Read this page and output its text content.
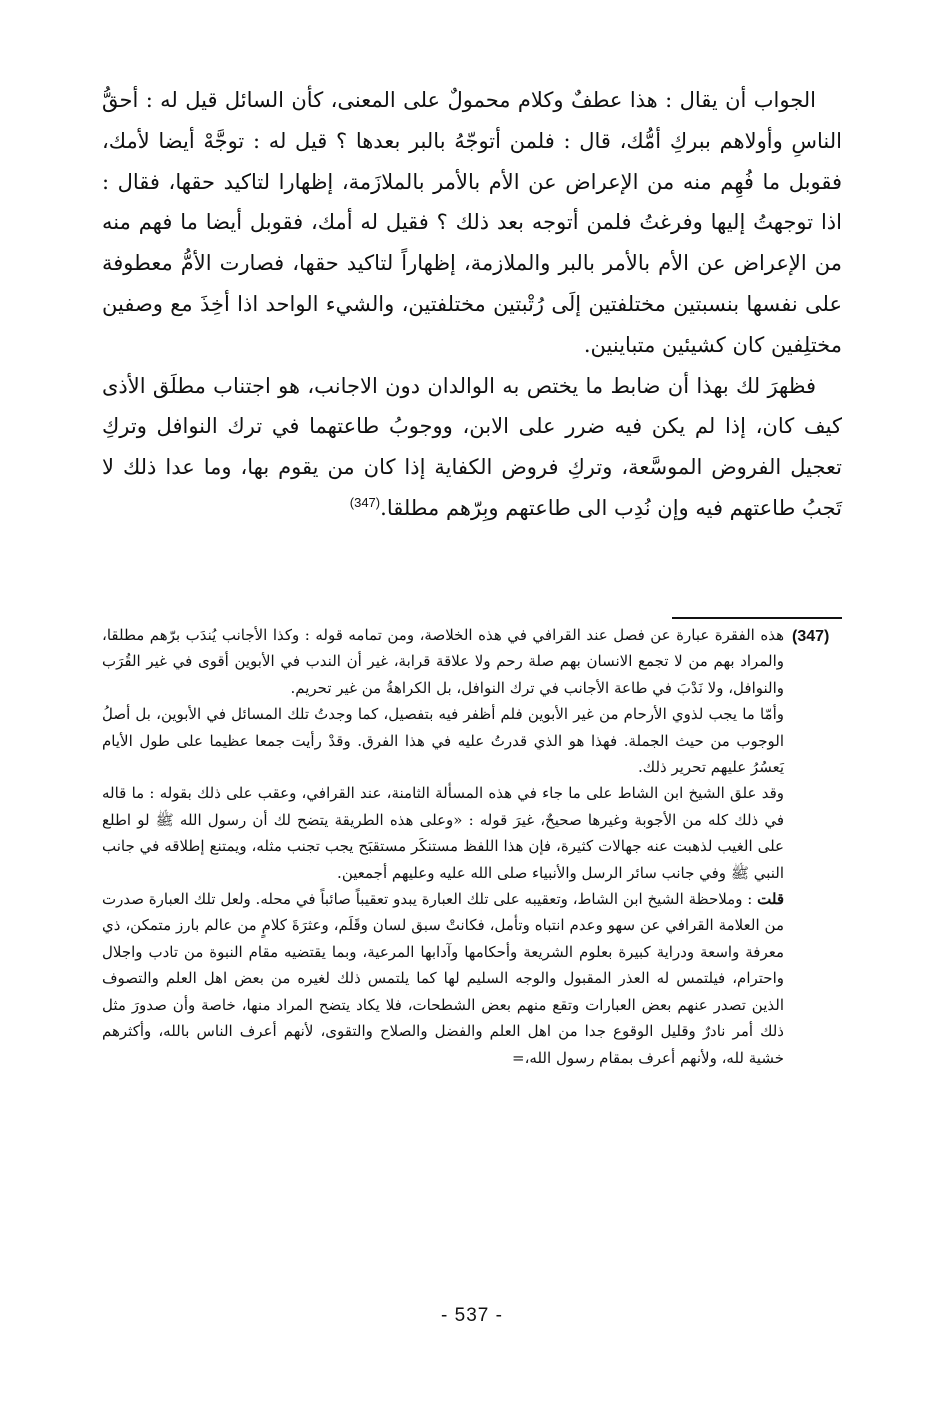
الجواب أن يقال : هذا عطفٌ وكلام محمولٌ على المعنى، كأن السائل قيل له : أحقُّ الناسِ وأولاهم ببركِ أمُّك، قال : فلمن أتوجّهُ بالبر بعدها ؟ قيل له : توجَّهْ أيضا لأمك، فقوبل ما فُهِم منه من الإعراض عن الأم بالأمر بالملازَمة، إظهارا لتاكيد حقها، فقال : اذا توجهتُ إليها وفرغتُ فلمن أتوجه بعد ذلك ؟ فقيل له أمك، فقوبل أيضا ما فهم منه من الإعراض عن الأم بالأمر بالبر والملازمة، إظهاراً لتاكيد حقها، فصارت الأمُّ معطوفة على نفسها بنسبتين مختلفتين إلَى رُتْبتين مختلفتين، والشيء الواحد اذا أخِذَ مع وصفين مختلِفين كان كشيئين متباينين.

فظهرَ لك بهذا أن ضابط ما يختص به الوالدان دون الاجانب، هو اجتناب مطلَق الأذى كيف كان، إذا لم يكن فيه ضرر على الابن، ووجوبُ طاعتهما في ترك النوافل وتركِ تعجيل الفروض الموسَّعة، وتركِ فروض الكفاية إذا كان من يقوم بها، وما عدا ذلك لا تَجبُ طاعتهم فيه وإن نُدِب الى طاعتهم وبِرّهم مطلقا.$^{(347)}$

(347)

هذه الفقرة عبارة عن فصل عند القرافي في هذه الخلاصة، ومن تمامه قوله : وكذا الأجانب يُندَب برّهم مطلقا، والمراد بهم من لا تجمع الانسان بهم صلة رحم ولا علاقة قرابة، غير أن الندب في الأبوين أقوى في غير القُرَب والنوافل، ولا نَدْبَ في طاعة الأجانب في ترك النوافل، بل الكراهةُ من غير تحريم.

وأمّا ما يجب لذوي الأرحام من غير الأبوين فلم أظفر فيه بتفصيل، كما وجدتُ تلك المسائل في الأبوين، بل أصلُ الوجوب من حيث الجملة. فهذا هو الذي قدرتُ عليه في هذا الفرق. وقدْ رأيت جمعا عظيما على طول الأيام يَعسُرُ عليهم تحرير ذلك.

وقد علق الشيخ ابن الشاط على ما جاء في هذه المسألة الثامنة، عند القرافي، وعقب على ذلك بقوله : ما قاله في ذلك كله من الأجوبة وغيرها صحيحٌ، غيرَ قوله : «وعلى هذه الطريقة يتضح لك أن رسول الله ﷺ لو اطلع على الغيب لذهبت عنه جهالات كثيرة، فإن هذا اللفظ مستنكَر مستقبَح يجب تجنب مثله، ويمتنع إطلاقه في جانب النبي ﷺ وفي جانب سائر الرسل والأنبياء صلى الله عليه وعليهم أجمعين.

قلت : وملاحظة الشيخ ابن الشاط، وتعقيبه على تلك العبارة يبدو تعقيباً صائباً في محله. ولعل تلك العبارة صدرت من العلامة القرافي عن سهو وعدم انتباه وتأمل، فكانتْ سبق لسان وقَلَم، وعثرَةَ كلامٍ من عالم بارز متمكن، ذي معرفة واسعة ودراية كبيرة بعلوم الشريعة وأحكامها وآدابها المرعية، وبما يقتضيه مقام النبوة من تادب واجلال واحترام، فيلتمس له العذر المقبول والوجه السليم لها كما يلتمس ذلك لغيره من بعض اهل العلم والتصوف الذين تصدر عنهم بعض العبارات وتقع منهم بعض الشطحات، فلا يكاد يتضح المراد منها، خاصة وأن صدورَ مثل ذلك أمر نادرٌ وقليل الوقوع جدا من اهل العلم والفضل والصلاح والتقوى، لأنهم أعرف الناس بالله، وأكثرهم خشية لله، ولأنهم أعرف بمقام رسول الله،=

- 537 -
